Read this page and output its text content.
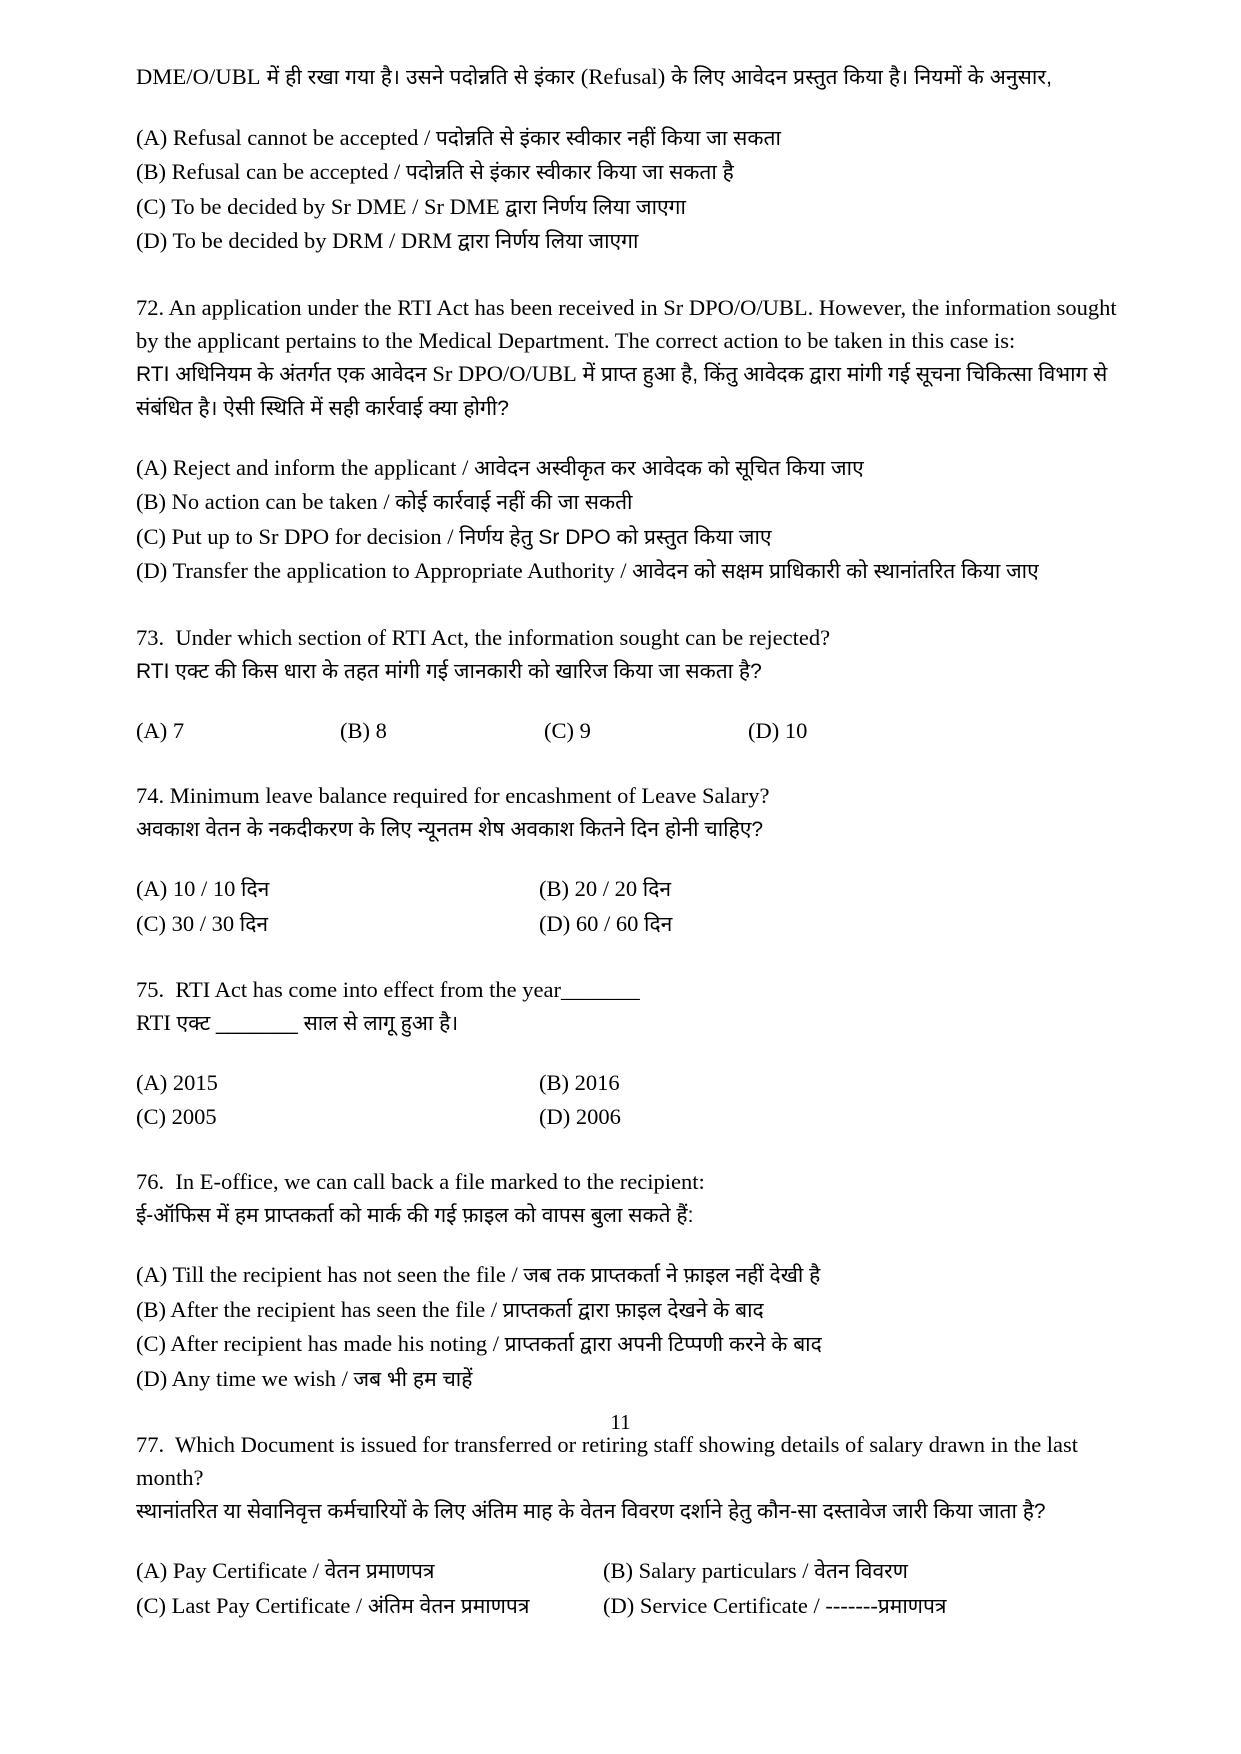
DME/O/UBL में ही रखा गया है। उसने पदोन्नति से इंकार (Refusal) के लिए आवेदन प्रस्तुत किया है। नियमों के अनुसार,
(A) Refusal cannot be accepted / पदोन्नति से इंकार स्वीकार नहीं किया जा सकता
(B) Refusal can be accepted / पदोन्नति से इंकार स्वीकार किया जा सकता है
(C) To be decided by Sr DME / Sr DME द्वारा निर्णय लिया जाएगा
(D) To be decided by DRM / DRM द्वारा निर्णय लिया जाएगा
72. An application under the RTI Act has been received in Sr DPO/O/UBL. However, the information sought by the applicant pertains to the Medical Department. The correct action to be taken in this case is:
RTI अधिनियम के अंतर्गत एक आवेदन Sr DPO/O/UBL में प्राप्त हुआ है, किंतु आवेदक द्वारा मांगी गई सूचना चिकित्सा विभाग से संबंधित है। ऐसी स्थिति में सही कार्रवाई क्या होगी?
(A) Reject and inform the applicant / आवेदन अस्वीकृत कर आवेदक को सूचित किया जाए
(B) No action can be taken / कोई कार्रवाई नहीं की जा सकती
(C) Put up to Sr DPO for decision / निर्णय हेतु Sr DPO को प्रस्तुत किया जाए
(D) Transfer the application to Appropriate Authority / आवेदन को सक्षम प्राधिकारी को स्थानांतरित किया जाए
73. Under which section of RTI Act, the information sought can be rejected?
RTI एक्ट की किस धारा के तहत मांगी गई जानकारी को खारिज किया जा सकता है?
(A) 7	(B) 8	(C) 9	(D) 10
74. Minimum leave balance required for encashment of Leave Salary?
अवकाश वेतन के नकदीकरण के लिए न्यूनतम शेष अवकाश कितने दिन होनी चाहिए?
(A) 10 / 10 दिन	(B) 20 / 20 दिन
(C) 30 / 30 दिन	(D) 60 / 60 दिन
75. RTI Act has come into effect from the year_______
RTI एक्ट _______ साल से लागू हुआ है।
(A) 2015	(B) 2016
(C) 2005	(D) 2006
76. In E-office, we can call back a file marked to the recipient:
ई-ऑफिस में हम प्राप्तकर्ता को मार्क की गई फ़ाइल को वापस बुला सकते हैं:
(A) Till the recipient has not seen the file / जब तक प्राप्तकर्ता ने फ़ाइल नहीं देखी है
(B) After the recipient has seen the file / प्राप्तकर्ता द्वारा फ़ाइल देखने के बाद
(C) After recipient has made his noting / प्राप्तकर्ता द्वारा अपनी टिप्पणी करने के बाद
(D) Any time we wish / जब भी हम चाहें
77. Which Document is issued for transferred or retiring staff showing details of salary drawn in the last month?
स्थानांतरित या सेवानिवृत्त कर्मचारियों के लिए अंतिम माह के वेतन विवरण दर्शाने हेतु कौन-सा दस्तावेज जारी किया जाता है?
(A) Pay Certificate / वेतन प्रमाणपत्र	(B) Salary particulars / वेतन विवरण
(C) Last Pay Certificate / अंतिम वेतन प्रमाणपत्र	(D) Service Certificate / -------प्रमाणपत्र
11
